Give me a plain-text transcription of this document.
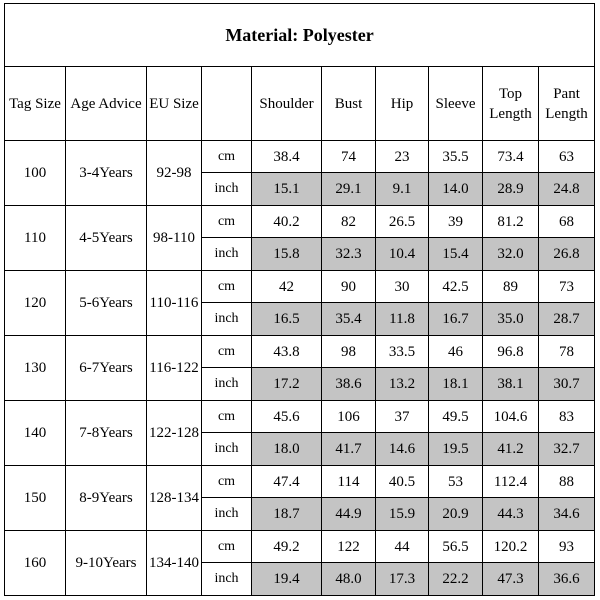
Material: Polyester									
Tag Size	Age Advice	EU Size		Shoulder	Bust	Hip	Sleeve	Top Length	Pant Length
100	3-4Years	92-98	cm	38.4	74	23	35.5	73.4	63
			inch	15.1	29.1	9.1	14.0	28.9	24.8
110	4-5Years	98-110	cm	40.2	82	26.5	39	81.2	68
			inch	15.8	32.3	10.4	15.4	32.0	26.8
120	5-6Years	110-116	cm	42	90	30	42.5	89	73
			inch	16.5	35.4	11.8	16.7	35.0	28.7
130	6-7Years	116-122	cm	43.8	98	33.5	46	96.8	78
			inch	17.2	38.6	13.2	18.1	38.1	30.7
140	7-8Years	122-128	cm	45.6	106	37	49.5	104.6	83
			inch	18.0	41.7	14.6	19.5	41.2	32.7
150	8-9Years	128-134	cm	47.4	114	40.5	53	112.4	88
			inch	18.7	44.9	15.9	20.9	44.3	34.6
160	9-10Years	134-140	cm	49.2	122	44	56.5	120.2	93
			inch	19.4	48.0	17.3	22.2	47.3	36.6
